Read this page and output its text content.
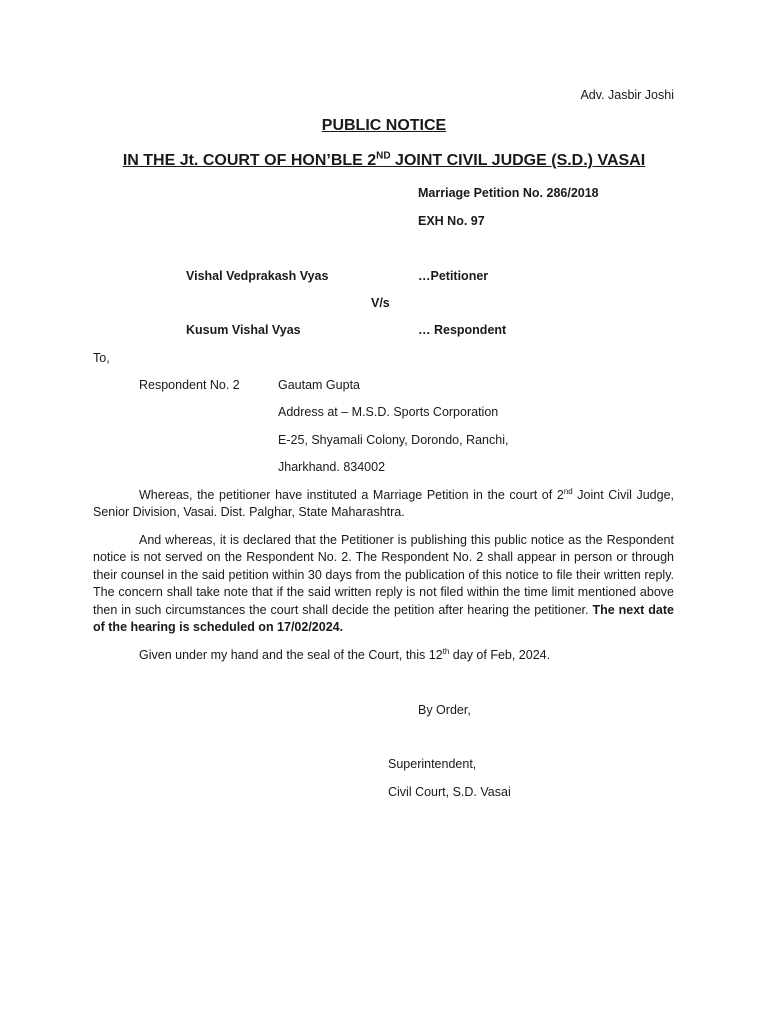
Adv. Jasbir Joshi
PUBLIC NOTICE
IN THE Jt. COURT OF HON’BLE 2ND JOINT CIVIL JUDGE (S.D.) VASAI
Marriage Petition No. 286/2018
EXH No. 97
Vishal Vedprakash Vyas	…Petitioner
V/s
Kusum Vishal Vyas	… Respondent
To,
Respondent No. 2	Gautam Gupta
Address at – M.S.D. Sports Corporation
E-25, Shyamali Colony, Dorondo, Ranchi,
Jharkhand. 834002
Whereas, the petitioner have instituted a Marriage Petition in the court of 2nd Joint Civil Judge, Senior Division, Vasai. Dist. Palghar, State Maharashtra.
And whereas, it is declared that the Petitioner is publishing this public notice as the Respondent notice is not served on the Respondent No. 2. The Respondent No. 2 shall appear in person or through their counsel in the said petition within 30 days from the publication of this notice to file their written reply. The concern shall take note that if the said written reply is not filed within the time limit mentioned above then in such circumstances the court shall decide the petition after hearing the petitioner. The next date of the hearing is scheduled on 17/02/2024.
Given under my hand and the seal of the Court, this 12th day of Feb, 2024.
By Order,
Superintendent,
Civil Court, S.D. Vasai
